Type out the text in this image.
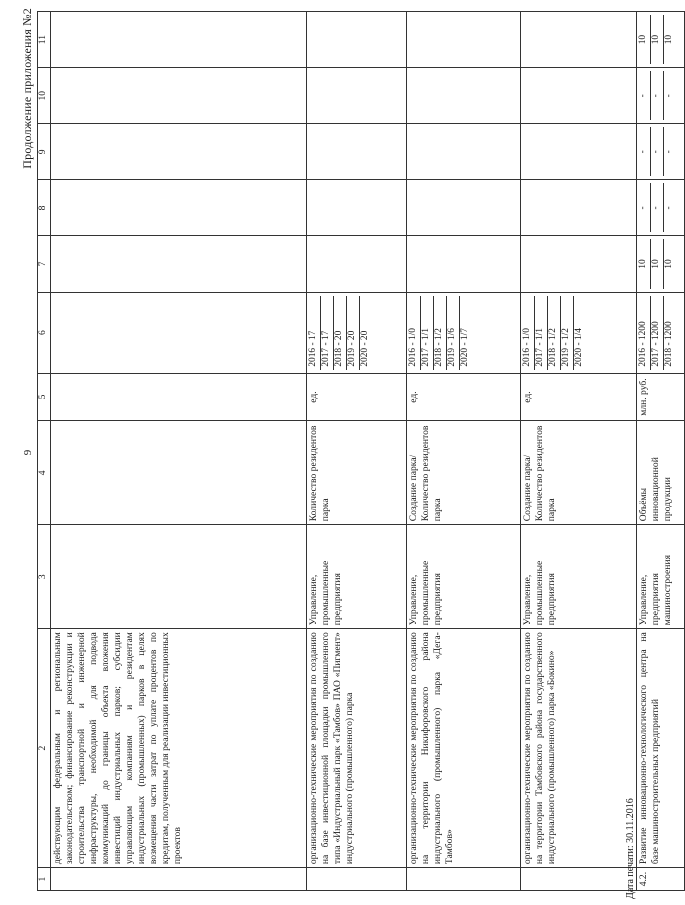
9
Продолжение приложения №2
1	2	3	4	5	6	7	8	9	10	11
	действующим федеральным и региональным законодательством; финансирование реконструкции и строительства транспортной и инженерной инфраструктуры, необходимой для подвода коммуникаций до границы объекта вложения инвестиций индустриальных парков; субсидии управляющим компаниям и резидентам индустриальных (промышленных) парков в целях возмещения части затрат по уплате процентов по кредитам, полученным для реализации инвестиционных проектов									
	организационно-технические мероприятия по созданию на базе инвестиционной площадки промышленного типа «Индустриальный парк «Тамбов» ПАО «Пигмент» индустриального (промышленного) парка	Управление, промышленные предприятия	Количество резидентов парка	ед.	2016 - 17 2017 - 17 2018 - 20 2019 - 20 2020 - 20					

	организационно-технические мероприятия по созданию на территории Никифоровского района индустриального (промышленного) парка «Дега-Тамбов»	Управление, промышленные предприятия	Создание парка/ Количество резидентов парка	ед.	2016 - 1/0 2017 - 1/1 2018 - 1/2 2019 - 1/6 2020 - 1/7					

	организационно-технические мероприятия по созданию на территории Тамбовского района государственного индустриального (промышленного) парка «Бокино»	Управление, промышленные предприятия	Создание парка/ Количество резидентов парка	ед.	2016 - 1/0 2017 - 1/1 2018 - 1/2 2019 - 1/2 2020 - 1/4					

4.2.	Развитие инновационно-технологического центра на базе машиностроительных предприятий	Управление, предприятия машиностроения	Объёмы инновационной продукции	млн. руб.	2016 - 1200 2017 - 1200 2018 - 1200	10 10 10	- - -	- - -	- - -	10 10 10
Дата печати: 30.11.2016
